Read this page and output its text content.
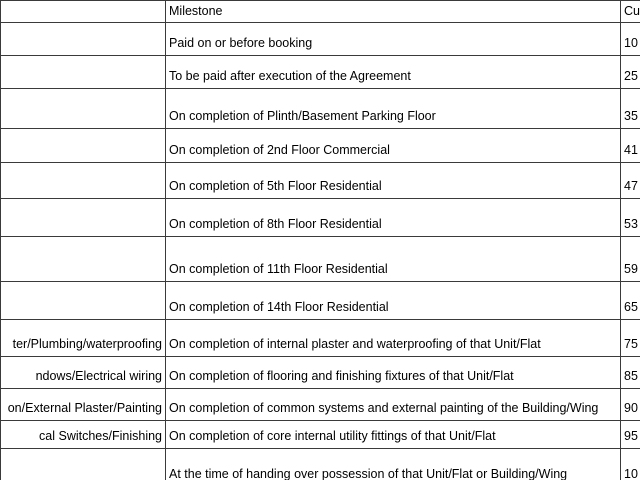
	Milestone	Cu
	Paid on or before booking	10
	To be paid after execution of the Agreement	25
	On completion of Plinth/Basement Parking Floor	35
	On completion of 2nd Floor Commercial	41
	On completion of 5th Floor Residential	47
	On completion of 8th Floor Residential	53
	On completion of 11th Floor Residential	59
	On completion of 14th Floor Residential	65
ter/Plumbing/waterproofing	On completion of internal plaster and waterproofing of that Unit/Flat	75
ndows/Electrical wiring	On completion of flooring and finishing fixtures of that Unit/Flat	85
on/External Plaster/Painting	On completion of common systems and external painting of the Building/Wing	90
cal Switches/Finishing	On completion of core internal utility fittings of that Unit/Flat	95
	At the time of handing over possession of that Unit/Flat or Building/Wing	10
